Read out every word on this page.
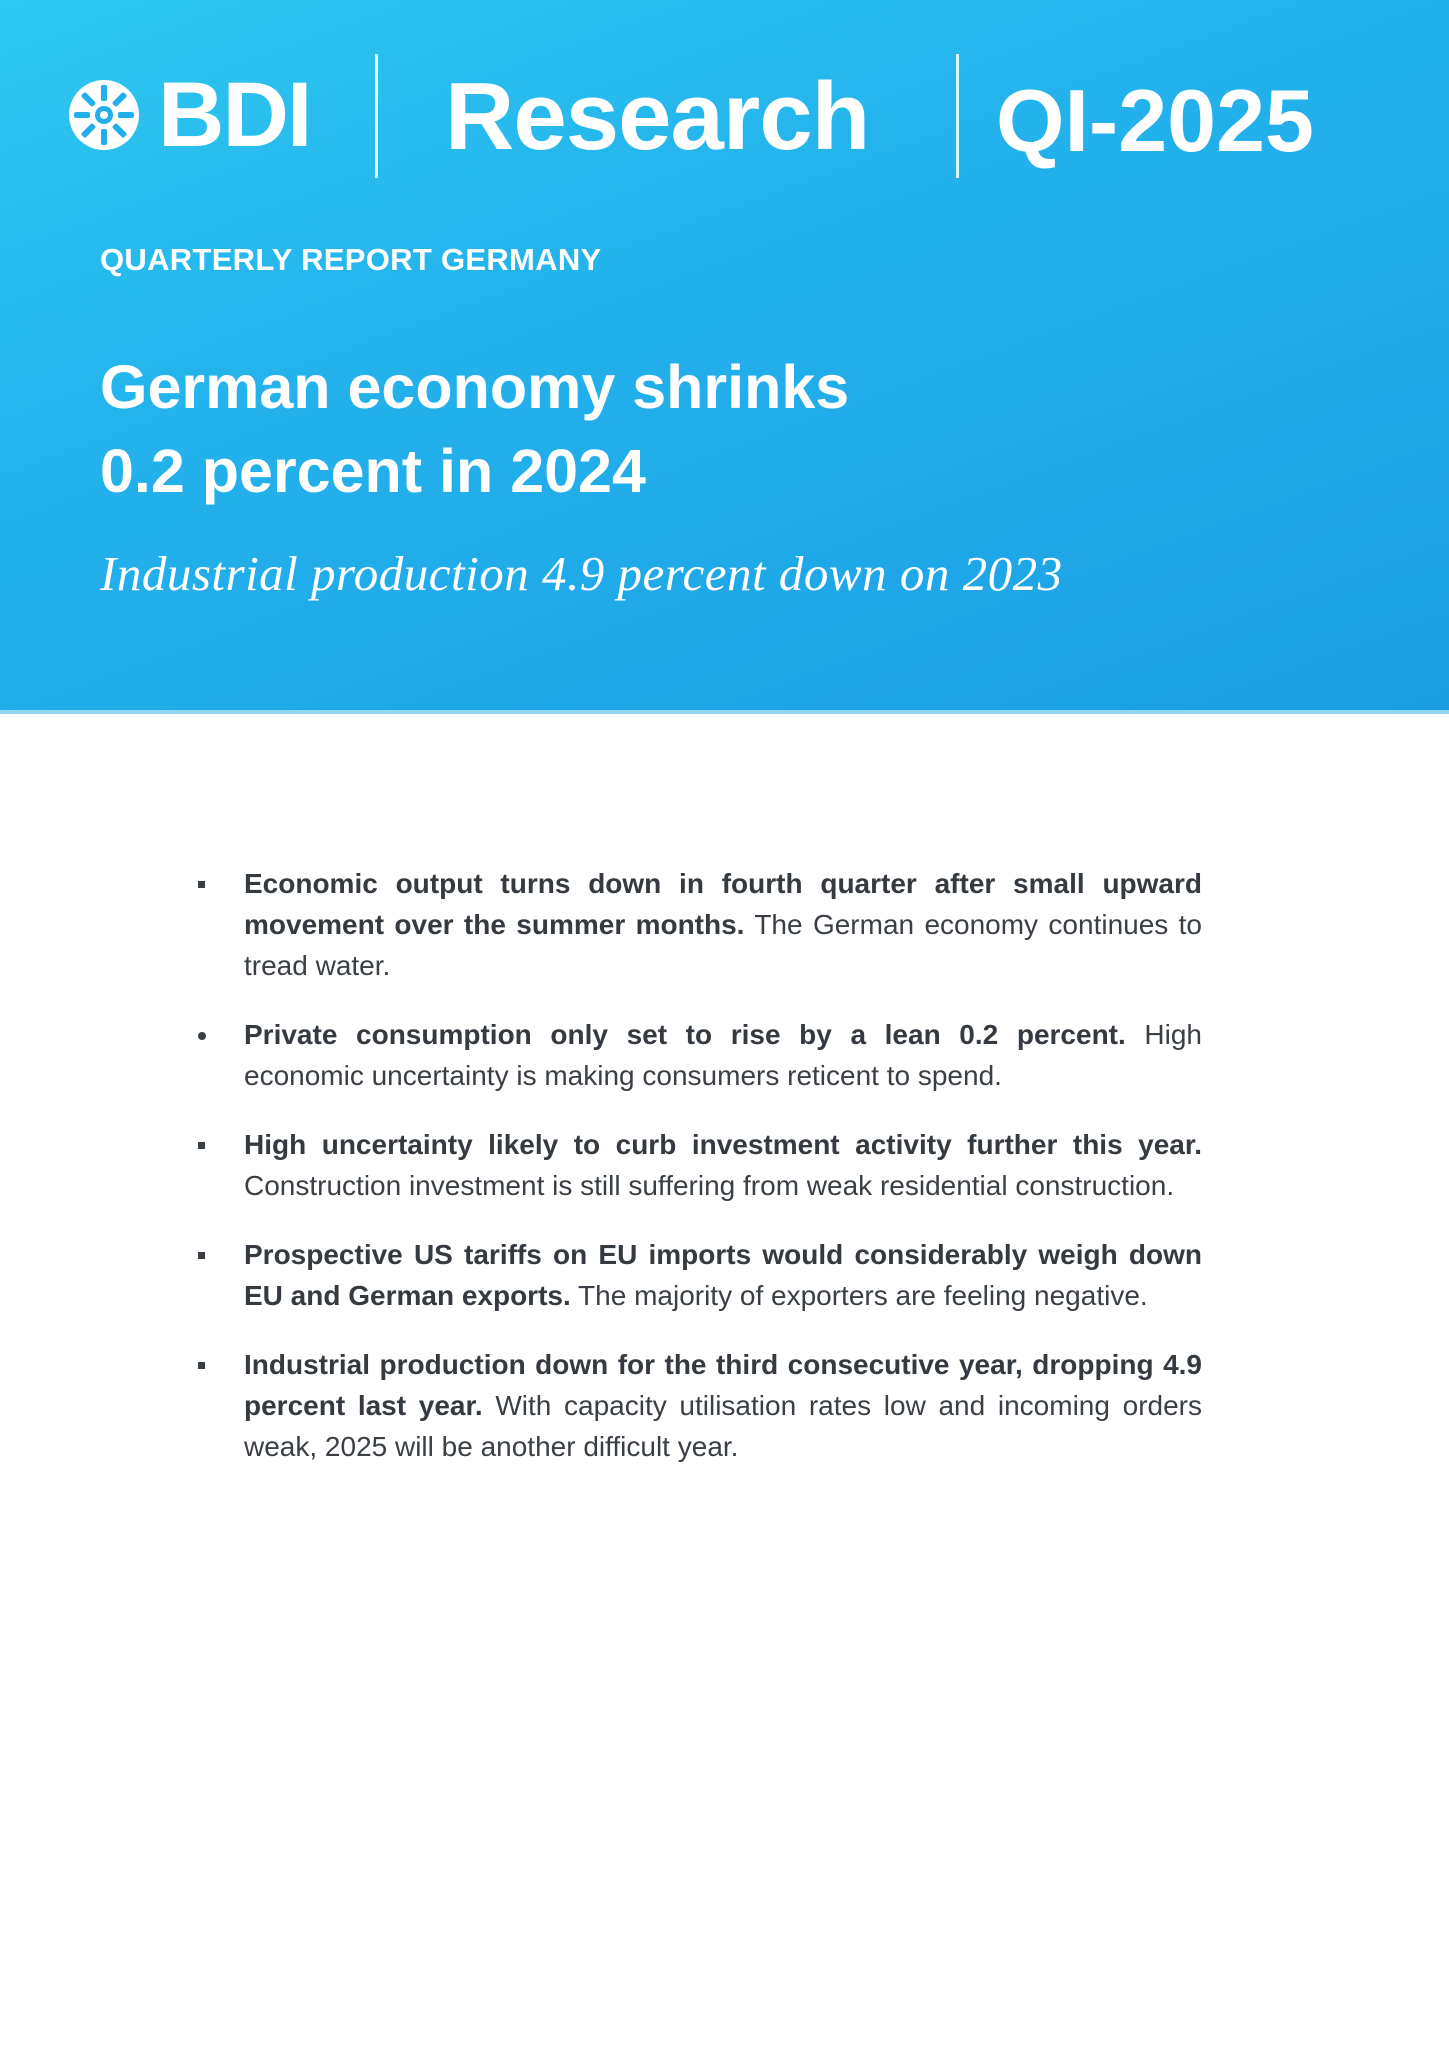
BDI Research QI-2025
QUARTERLY REPORT GERMANY
German economy shrinks
0.2 percent in 2024
Industrial production 4.9 percent down on 2023
Economic output turns down in fourth quarter after small upward movement over the summer months. The German economy continues to tread water.
Private consumption only set to rise by a lean 0.2 percent. High economic uncertainty is making consumers reticent to spend.
High uncertainty likely to curb investment activity further this year. Construction investment is still suffering from weak residential construction.
Prospective US tariffs on EU imports would considerably weigh down EU and German exports. The majority of exporters are feeling negative.
Industrial production down for the third consecutive year, dropping 4.9 percent last year. With capacity utilisation rates low and incoming orders weak, 2025 will be another difficult year.
